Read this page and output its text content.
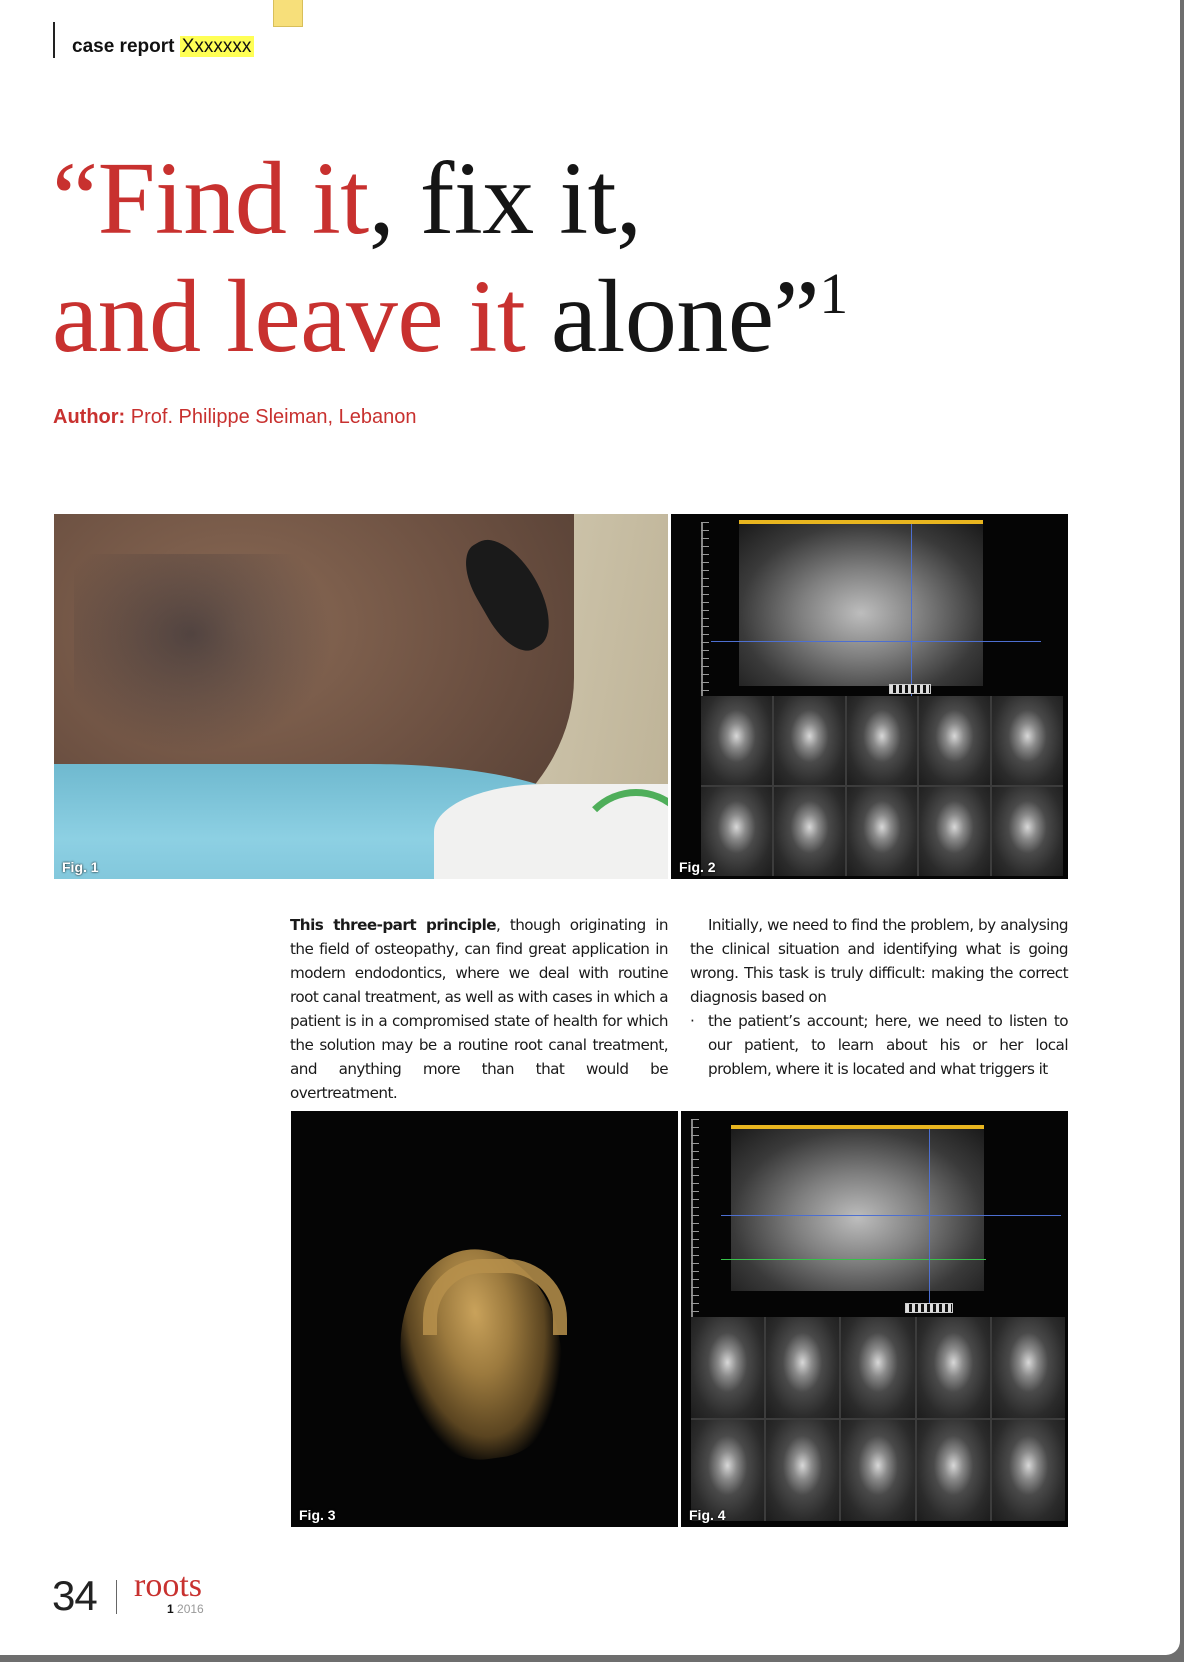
case report Xxxxxxx
“Find it, fix it,
and leave it alone”$^1$
Author: Prof. Philippe Sleiman, Lebanon
Fig. 1	Fig. 2

This three-part principle, though originating in the field of osteopathy, can find great application in modern endodontics, where we deal with routine root canal treatment, as well as with cases in which a patient is in a compromised state of health for which the solution may be a routine root canal treatment, and anything more than that would be overtreatment.

Initially, we need to find the problem, by analysing the clinical situation and identifying what is going wrong. This task is truly difficult: making the correct diagnosis based on

· the patient’s account; here, we need to listen to our patient, to learn about his or her local problem, where it is located and what triggers it
Fig. 3	Fig. 4
34 roots
1 2016
